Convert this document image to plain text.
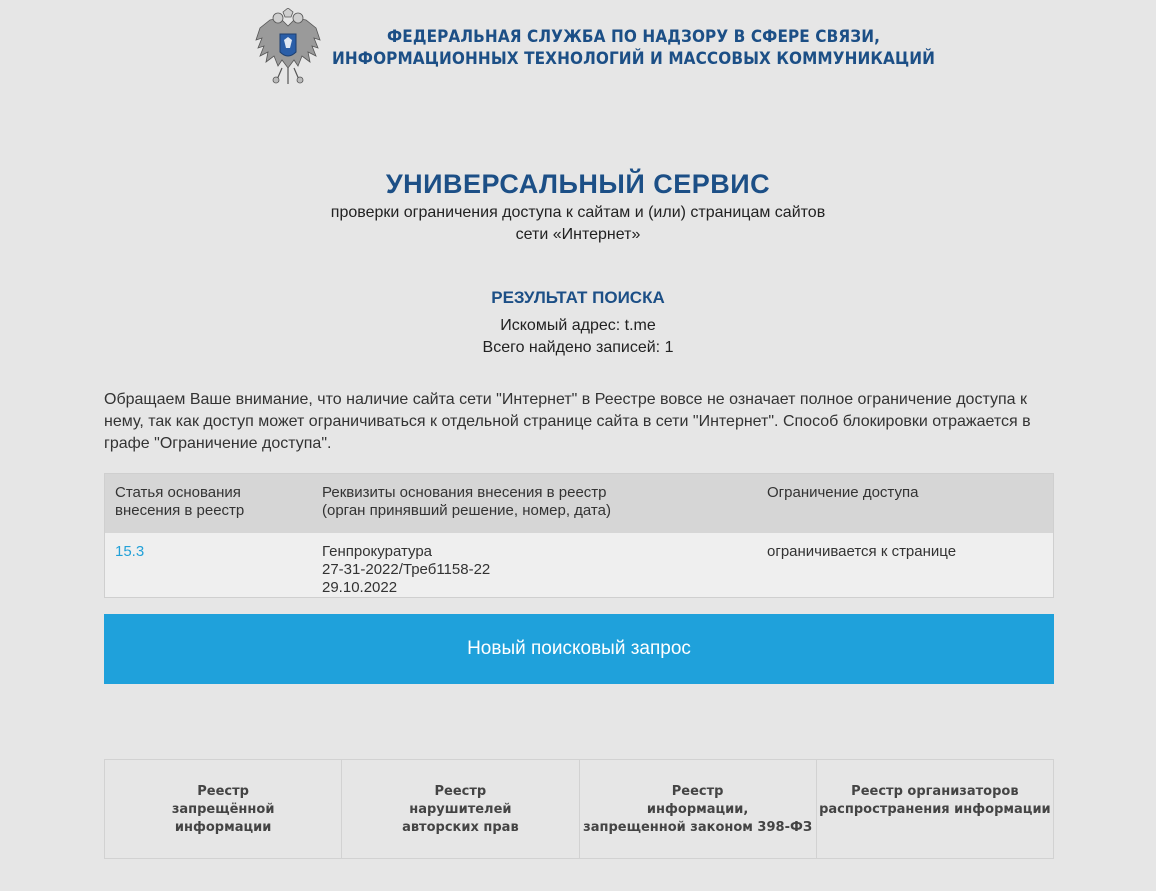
ФЕДЕРАЛЬНАЯ СЛУЖБА ПО НАДЗОРУ В СФЕРЕ СВЯЗИ,
ИНФОРМАЦИОННЫХ ТЕХНОЛОГИЙ И МАССОВЫХ КОММУНИКАЦИЙ
УНИВЕРСАЛЬНЫЙ СЕРВИС
проверки ограничения доступа к сайтам и (или) страницам сайтов
сети «Интернет»
РЕЗУЛЬТАТ ПОИСКА
Искомый адрес: t.me
Всего найдено записей: 1
Обращаем Ваше внимание, что наличие сайта сети "Интернет" в Реестре вовсе не означает полное ограничение доступа к нему, так как доступ может ограничиваться к отдельной странице сайта в сети "Интернет". Способ блокировки отражается в графе "Ограничение доступа".
Статья основания
внесения в реестр
Реквизиты основания внесения в реестр
(орган принявший решение, номер, дата)
Ограничение доступа
15.3	Генпрокуратура
27-31-2022/Треб1158-22
29.10.2022
ограничивается к странице
Новый поисковый запрос
Реестр
запрещённой
информации
Реестр
нарушителей
авторских прав
Реестр
информации,
запрещенной законом 398-ФЗ
Реестр организаторов
распространения информации
